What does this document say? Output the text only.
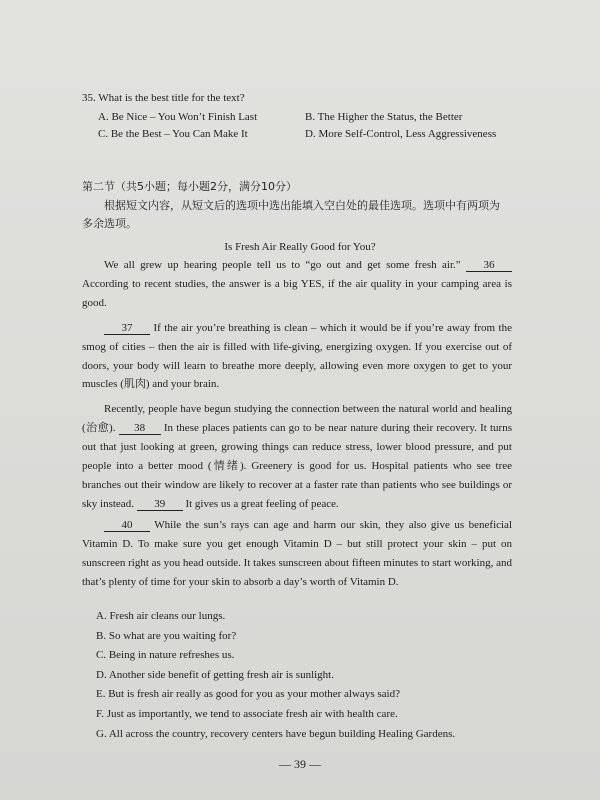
35. What is the best title for the text?
A. Be Nice – You Won’t Finish Last	B. The Higher the Status, the Better
C. Be the Best – You Can Make It	D. More Self-Control, Less Aggressiveness
第二节（共5小题；每小题2分，满分10分）
根据短文内容，从短文后的选项中选出能填入空白处的最佳选项。选项中有两项为多余选项。
Is Fresh Air Really Good for You?

We all grew up hearing people tell us to “go out and get some fresh air.” 36 According to recent studies, the answer is a big YES, if the air quality in your camping area is good.

37 If the air you’re breathing is clean – which it would be if you’re away from the smog of cities – then the air is filled with life-giving, energizing oxygen. If you exercise out of doors, your body will learn to breathe more deeply, allowing even more oxygen to get to your muscles (肌肉) and your brain.

Recently, people have begun studying the connection between the natural world and healing (治愈). 38 In these places patients can go to be near nature during their recovery. It turns out that just looking at green, growing things can reduce stress, lower blood pressure, and put people into a better mood (情绪). Greenery is good for us. Hospital patients who see tree branches out their window are likely to recover at a faster rate than patients who see buildings or sky instead. 39 It gives us a great feeling of peace.

40 While the sun’s rays can age and harm our skin, they also give us beneficial Vitamin D. To make sure you get enough Vitamin D – but still protect your skin – put on sunscreen right as you head outside. It takes sunscreen about fifteen minutes to start working, and that’s plenty of time for your skin to absorb a day’s worth of Vitamin D.

A. Fresh air cleans our lungs.
B. So what are you waiting for?
C. Being in nature refreshes us.
D. Another side benefit of getting fresh air is sunlight.
E. But is fresh air really as good for you as your mother always said?
F. Just as importantly, we tend to associate fresh air with health care.
G. All across the country, recovery centers have begun building Healing Gardens.
— 39 —
